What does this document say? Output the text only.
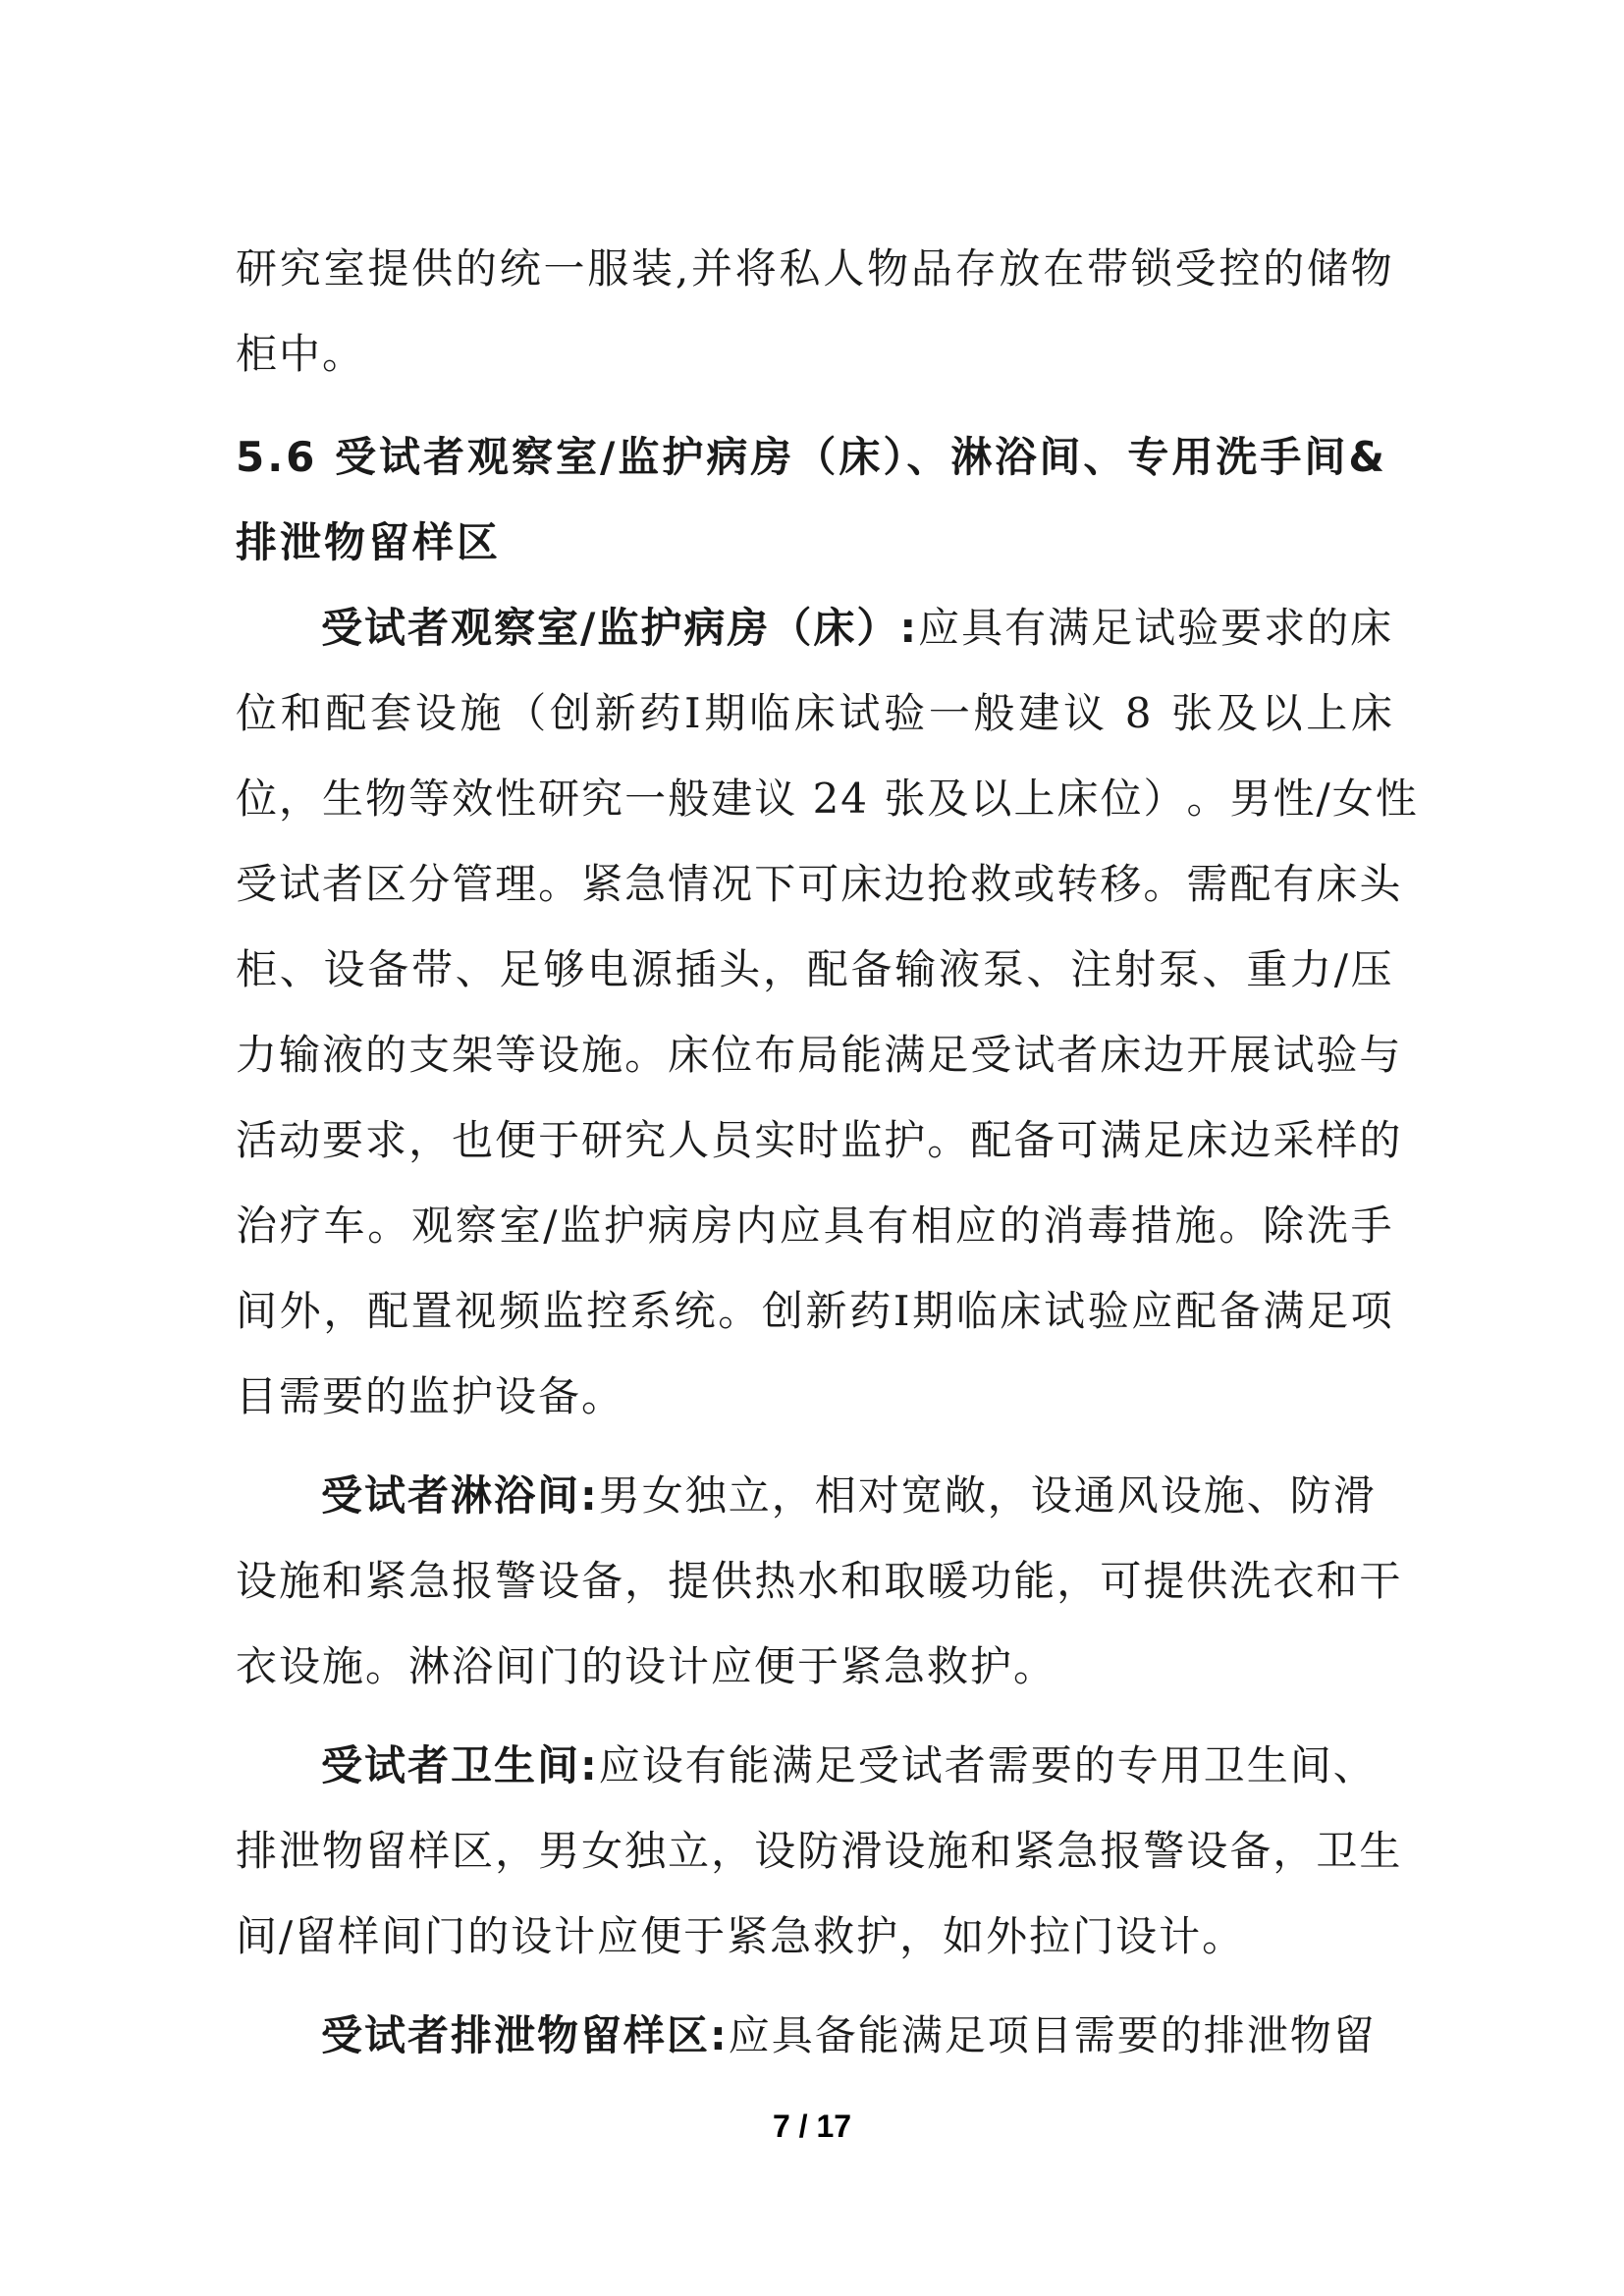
研 究 室 提 供 的 统 一 服 装 , 并 将 私 人 物 品 存 放 在 带 锁 受 控 的 储 物
柜中。
5.6 受试者观察室/监护病房（床）、淋浴间、专用洗手间&
排泄物留样区
受试者观察室/监护病房（床）:应具有满足试验要求的床
位 和 配 套 设 施 （ 创 新 药 Ⅰ 期 临 床 试 验 一 般 建 议
8
张 及 以 上 床
位 ， 生 物 等 效 性 研 究 一 般 建 议
2 4
张 及 以 上 床 位 ） 。 男 性 / 女 性
受 试 者 区 分 管 理 。 紧 急 情 况 下 可 床 边 抢 救 或 转 移 。 需 配 有 床 头
柜 、 设 备 带 、 足 够 电 源 插 头 ， 配 备 输 液 泵 、 注 射 泵 、 重 力 / 压
力 输 液 的 支 架 等 设 施 。 床 位 布 局 能 满 足 受 试 者 床 边 开 展 试 验 与
活 动 要 求 ， 也 便 于 研 究 人 员 实 时 监 护 。 配 备 可 满 足 床 边 采 样 的
治 疗 车 。 观 察 室 / 监 护 病 房 内 应 具 有 相 应 的 消 毒 措 施 。 除 洗 手
间 外 ， 配 置 视 频 监 控 系 统 。 创 新 药 Ⅰ 期 临 床 试 验 应 配 备 满 足 项
目需要的监护设备。
受试者淋浴间:男女独立，相对宽敞，设通风设施、防滑
设 施 和 紧 急 报 警 设 备 ， 提 供 热 水 和 取 暖 功 能 ， 可 提 供 洗 衣 和 干
衣设施。淋浴间门的设计应便于紧急救护。
受试者卫生间:应设有能满足受试者需要的专用卫生间、
排 泄 物 留 样 区 ， 男 女 独 立 ， 设 防 滑 设 施 和 紧 急 报 警 设 备 ， 卫 生
间/留样间门的设计应便于紧急救护，如外拉门设计。
受试者排泄物留样区:应具备能满足项目需要的排泄物留
7 / 17
